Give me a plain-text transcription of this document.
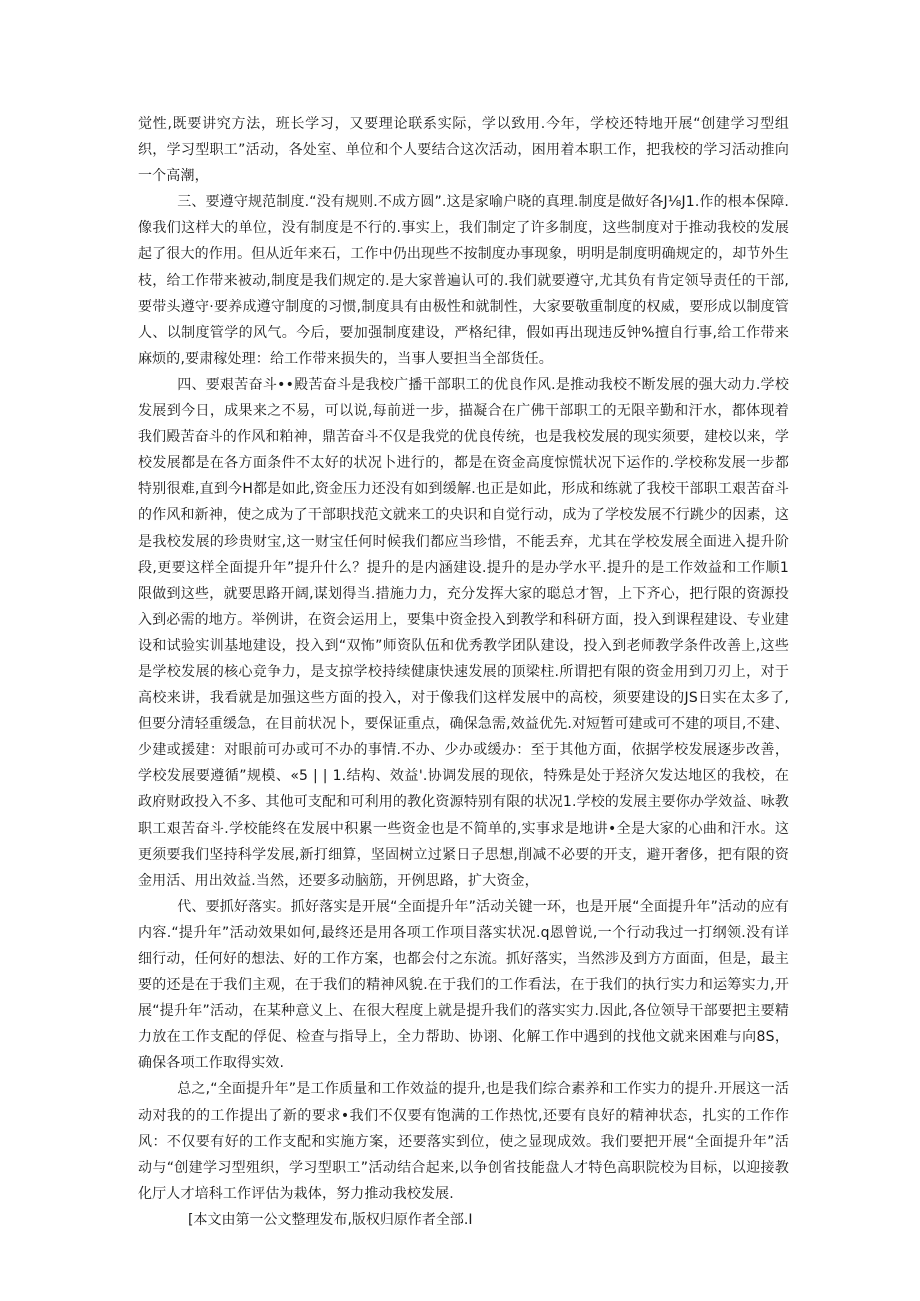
觉性,既要讲究方法，班长学习，又要理论联系实际，学以致用.今年，学校还特地开展“创建学习型组织，学习型职工”活动，各处室、单位和个人要结合这次活动，困用着本职工作，把我校的学习活动推向一个高潮，

三、要遵守规范制度.“没有规则.不成方圆”.这是家喻户晓的真理.制度是做好各J⅛J1.作的根本保障.像我们这样大的单位，没有制度是不行的.事实上，我们制定了许多制度，这些制度对于推动我校的发展起了很大的作用。但从近年来石，工作中仍出现些不按制度办事现象，明明是制度明确规定的，却节外生枝，给工作带来被动,制度是我们规定的.是大家普遍认可的.我们就要遵守,尤其负有肯定领导责任的干部,要带头遵守·要养成遵守制度的习惯,制度具有由极性和就制性，大家要敬重制度的权威，要形成以制度管人、以制度管学的风气。今后，要加强制度建设，严格纪律，假如再出现违反钟%擅自行事,给工作带来麻烦的,要肃稼处理：给工作带来损失的，当事人要担当全部货任。

四、要艰苦奋斗••殿苦奋斗是我校广播干部职工的优良作风.是推动我校不断发展的强大动力.学校发展到今日，成果来之不易，可以说,每前迸一步，描凝合在广佛干部职工的无限辛勤和汗水，都体现着我们殿苦奋斗的作风和粕神，鼎苦奋斗不仅是我党的优良传统，也是我校发展的现实须要，建校以来，学校发展都是在各方面条件不太好的状况卜进行的，都是在资金高度惊慌状况下运作的.学校称发展一步都特别很难,直到今H都是如此,资金压力还没有如到缓解.也正是如此，形成和练就了我校干部职工艰苦奋斗的作风和新神，使之成为了干部职找范文就来工的央识和自觉行动，成为了学校发展不行跳少的因素，这是我校发展的珍贵财宝,这一财宝任何时候我们都应当珍惜，不能丢弃，尤其在学校发展全面进入提升阶段,更要这样全面提升年”提升什么？提升的是内涵建设.提升的是办学水平.提升的是工作效益和工作顺1限做到这些，就要思路开阔,谋划得当.措施力力，充分发挥大家的聪总才智，上下齐心，把行限的资源投入到必需的地方。举例讲，在资会运用上，要集中资金投入到教学和科研方面，投入到课程建设、专业建设和试验实训基地建设，投入到“双怖”师资队伍和优秀教学团队建设，投入到老师教学条件改善上,这些是学校发展的核心竞争力，是支掠学校持续健康快速发展的顶梁柱.所谓把有限的资金用到刀刃上，对于高校来讲，我看就是加强这些方面的投入，对于像我们这样发展中的高校，须要建设的JS日实在太多了,但要分清轻重缓急，在目前状况卜，要保证重点，确保急需,效益优先.对短暂可建或可不建的项目,不建、少建或援建：对眼前可办或可不办的事情.不办、少办或缓办：至于其他方面，依据学校发展逐步改善，学校发展要遵循”规模、«5 | | 1.结构、效益'.协调发展的现依，特殊是处于羟济欠发达地区的我校，在政府财政投入不多、其他可支配和可利用的教化资源特别有限的状况1.学校的发展主要你办学效益、咏教职工艰苦奋斗.学校能终在发展中积累一些资金也是不简单的,实事求是地讲•全是大家的心曲和汗水。这更须要我们坚持科学发展,新打细算，坚固树立过紧日子思想,削减不必要的开支，避开奢侈，把有限的资金用活、用出效益.当然，还要多动脑筋，开例思路，扩大资金，

代、要抓好落实。抓好落实是开展“全面提升年”活动关键一环，也是开展“全面提升年”活动的应有内容.“提升年”活动效果如何,最终还是用各项工作项目落实状况.q恩曾说,一个行动我过一打纲领.没有详细行动，任何好的想法、好的工作方案，也都会付之东流。抓好落实，当然涉及到方方面面，但是，最主要的还是在于我们主观，在于我们的精神风貌.在于我们的工作看法，在于我们的执行实力和运筹实力,开展“提升年”活动，在某种意义上、在很大程度上就是提升我们的落实实力.因此,各位领导干部要把主要精力放在工作支配的俘促、检查与指导上，全力帮助、协诩、化解工作中遇到的找他文就来困难与向8S，确保各项工作取得实效.

总之,“全面提升年”是工作质量和工作效益的提升,也是我们综合素养和工作实力的提升.开展这一活动对我的的工作提出了新的要求•我们不仅要有饱满的工作热忱,还要有良好的精神状态，扎实的工作作风：不仅要有好的工作支配和实施方案，还要落实到位，使之显现成效。我们要把开展“全面提升年”活动与“创建学习型殂织，学习型职工”活动结合起来,以争创省技能盘人才特色高职院校为目标，以迎接教化厅人才培科工作评估为栽体，努力推动我校发展.

[本文由第一公文整理发布,版权归原作者全部.I
